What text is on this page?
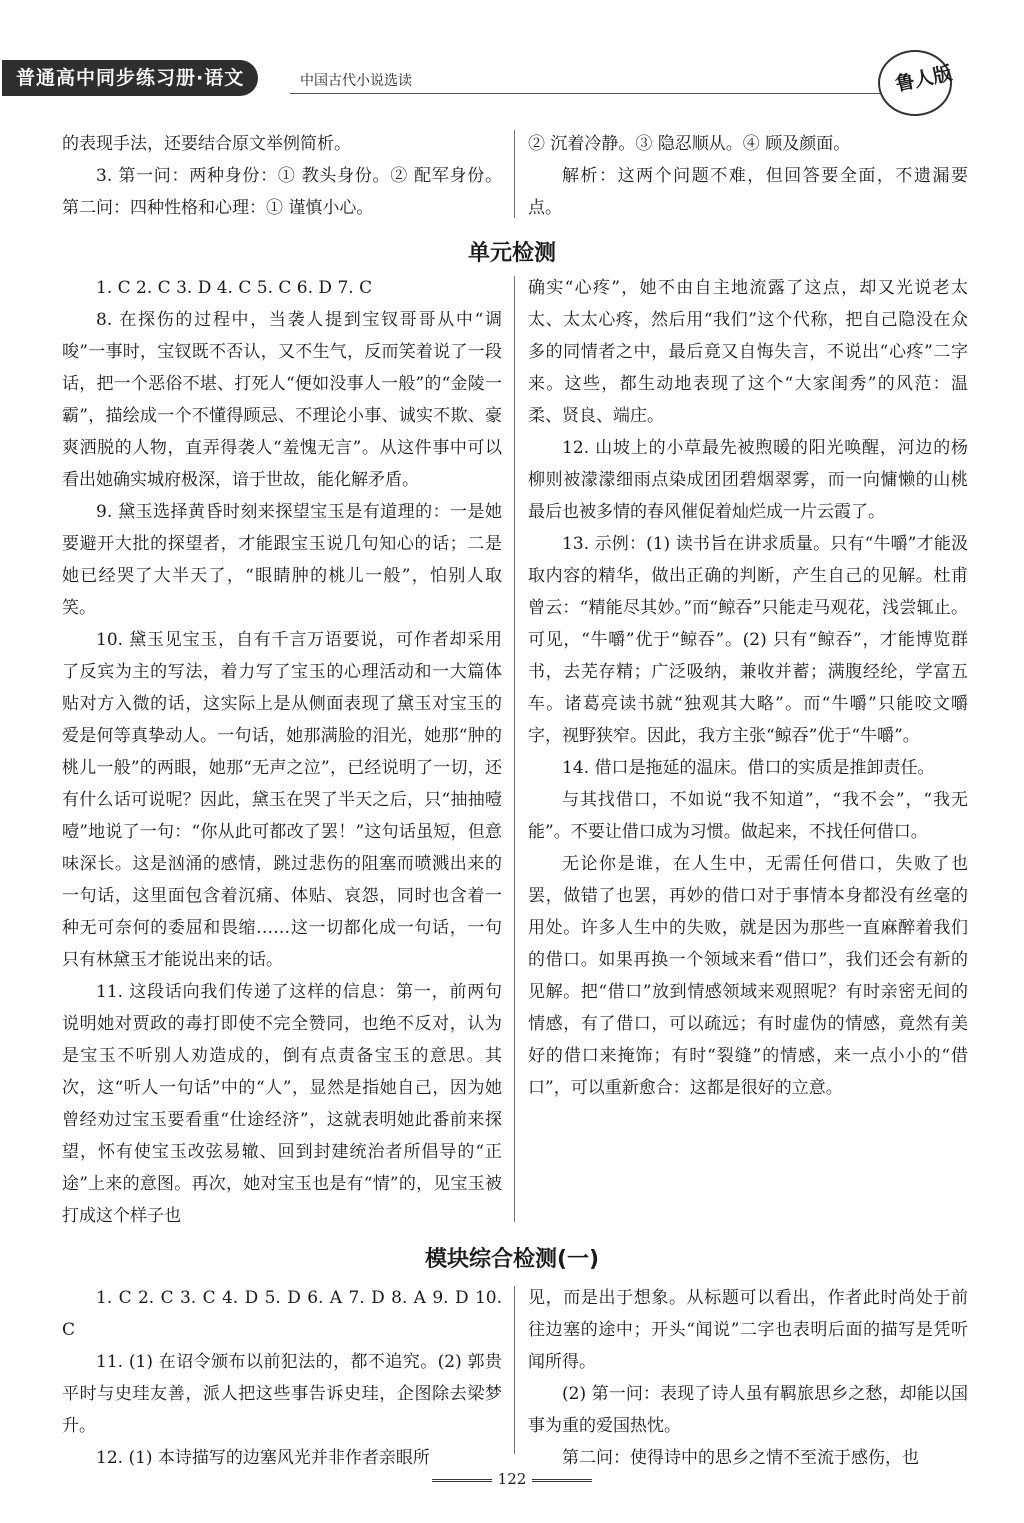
普通高中同步练习册·语文	中国古代小说选读	鲁人版

的表现手法，还要结合原文举例简析。

3. 第一问：两种身份：① 教头身份。② 配军身份。第二问：四种性格和心理：① 谨慎小心。

② 沉着冷静。③ 隐忍顺从。④ 顾及颜面。

解析：这两个问题不难，但回答要全面，不遗漏要点。

单元检测

1. C 2. C 3. D 4. C 5. C 6. D 7. C

8. 在探伤的过程中，当袭人提到宝钗哥哥从中“调唆”一事时，宝钗既不否认，又不生气，反而笑着说了一段话，把一个恶俗不堪、打死人“便如没事人一般”的“金陵一霸”，描绘成一个不懂得顾忌、不理论小事、诚实不欺、豪爽洒脱的人物，直弄得袭人“羞愧无言”。从这件事中可以看出她确实城府极深，谙于世故，能化解矛盾。

9. 黛玉选择黄昏时刻来探望宝玉是有道理的：一是她要避开大批的探望者，才能跟宝玉说几句知心的话；二是她已经哭了大半天了，“眼睛肿的桃儿一般”，怕别人取笑。

10. 黛玉见宝玉，自有千言万语要说，可作者却采用了反宾为主的写法，着力写了宝玉的心理活动和一大篇体贴对方入微的话，这实际上是从侧面表现了黛玉对宝玉的爱是何等真挚动人。一句话，她那满脸的泪光，她那“肿的桃儿一般”的两眼，她那“无声之泣”，已经说明了一切，还有什么话可说呢？因此，黛玉在哭了半天之后，只“抽抽噎噎”地说了一句：“你从此可都改了罢！”这句话虽短，但意味深长。这是汹涌的感情，跳过悲伤的阻塞而喷溅出来的一句话，这里面包含着沉痛、体贴、哀怨，同时也含着一种无可奈何的委屈和畏缩……这一切都化成一句话，一句只有林黛玉才能说出来的话。

11. 这段话向我们传递了这样的信息：第一，前两句说明她对贾政的毒打即使不完全赞同，也绝不反对，认为是宝玉不听别人劝造成的，倒有点责备宝玉的意思。其次，这“听人一句话”中的“人”，显然是指她自己，因为她曾经劝过宝玉要看重“仕途经济”，这就表明她此番前来探望，怀有使宝玉改弦易辙、回到封建统治者所倡导的“正途”上来的意图。再次，她对宝玉也是有“情”的，见宝玉被打成这个样子也

确实“心疼”，她不由自主地流露了这点，却又光说老太太、太太心疼，然后用“我们”这个代称，把自己隐没在众多的同情者之中，最后竟又自悔失言，不说出“心疼”二字来。这些，都生动地表现了这个“大家闺秀”的风范：温柔、贤良、端庄。

12. 山坡上的小草最先被煦暖的阳光唤醒，河边的杨柳则被濛濛细雨点染成团团碧烟翠雾，而一向慵懒的山桃最后也被多情的春风催促着灿烂成一片云霞了。

13. 示例：(1) 读书旨在讲求质量。只有“牛嚼”才能汲取内容的精华，做出正确的判断，产生自己的见解。杜甫曾云：“精能尽其妙。”而“鲸吞”只能走马观花，浅尝辄止。可见，“牛嚼”优于“鲸吞”。(2) 只有“鲸吞”，才能博览群书，去芜存精；广泛吸纳，兼收并蓄；满腹经纶，学富五车。诸葛亮读书就“独观其大略”。而“牛嚼”只能咬文嚼字，视野狭窄。因此，我方主张“鲸吞”优于“牛嚼”。

14. 借口是拖延的温床。借口的实质是推卸责任。

与其找借口，不如说“我不知道”，“我不会”，“我无能”。不要让借口成为习惯。做起来，不找任何借口。

无论你是谁，在人生中，无需任何借口，失败了也罢，做错了也罢，再妙的借口对于事情本身都没有丝毫的用处。许多人生中的失败，就是因为那些一直麻醉着我们的借口。如果再换一个领域来看“借口”，我们还会有新的见解。把“借口”放到情感领域来观照呢？有时亲密无间的情感，有了借口，可以疏远；有时虚伪的情感，竟然有美好的借口来掩饰；有时“裂缝”的情感，来一点小小的“借口”，可以重新愈合：这都是很好的立意。

模块综合检测(一)

1. C 2. C 3. C 4. D 5. D 6. A 7. D 8. A 9. D 10. C

11. (1) 在诏令颁布以前犯法的，都不追究。(2) 郭贵平时与史珪友善，派人把这些事告诉史珪，企图除去梁梦升。

12. (1) 本诗描写的边塞风光并非作者亲眼所

见，而是出于想象。从标题可以看出，作者此时尚处于前往边塞的途中；开头“闻说”二字也表明后面的描写是凭听闻所得。

(2) 第一问：表现了诗人虽有羁旅思乡之愁，却能以国事为重的爱国热忱。

第二问：使得诗中的思乡之情不至流于感伤，也

122
